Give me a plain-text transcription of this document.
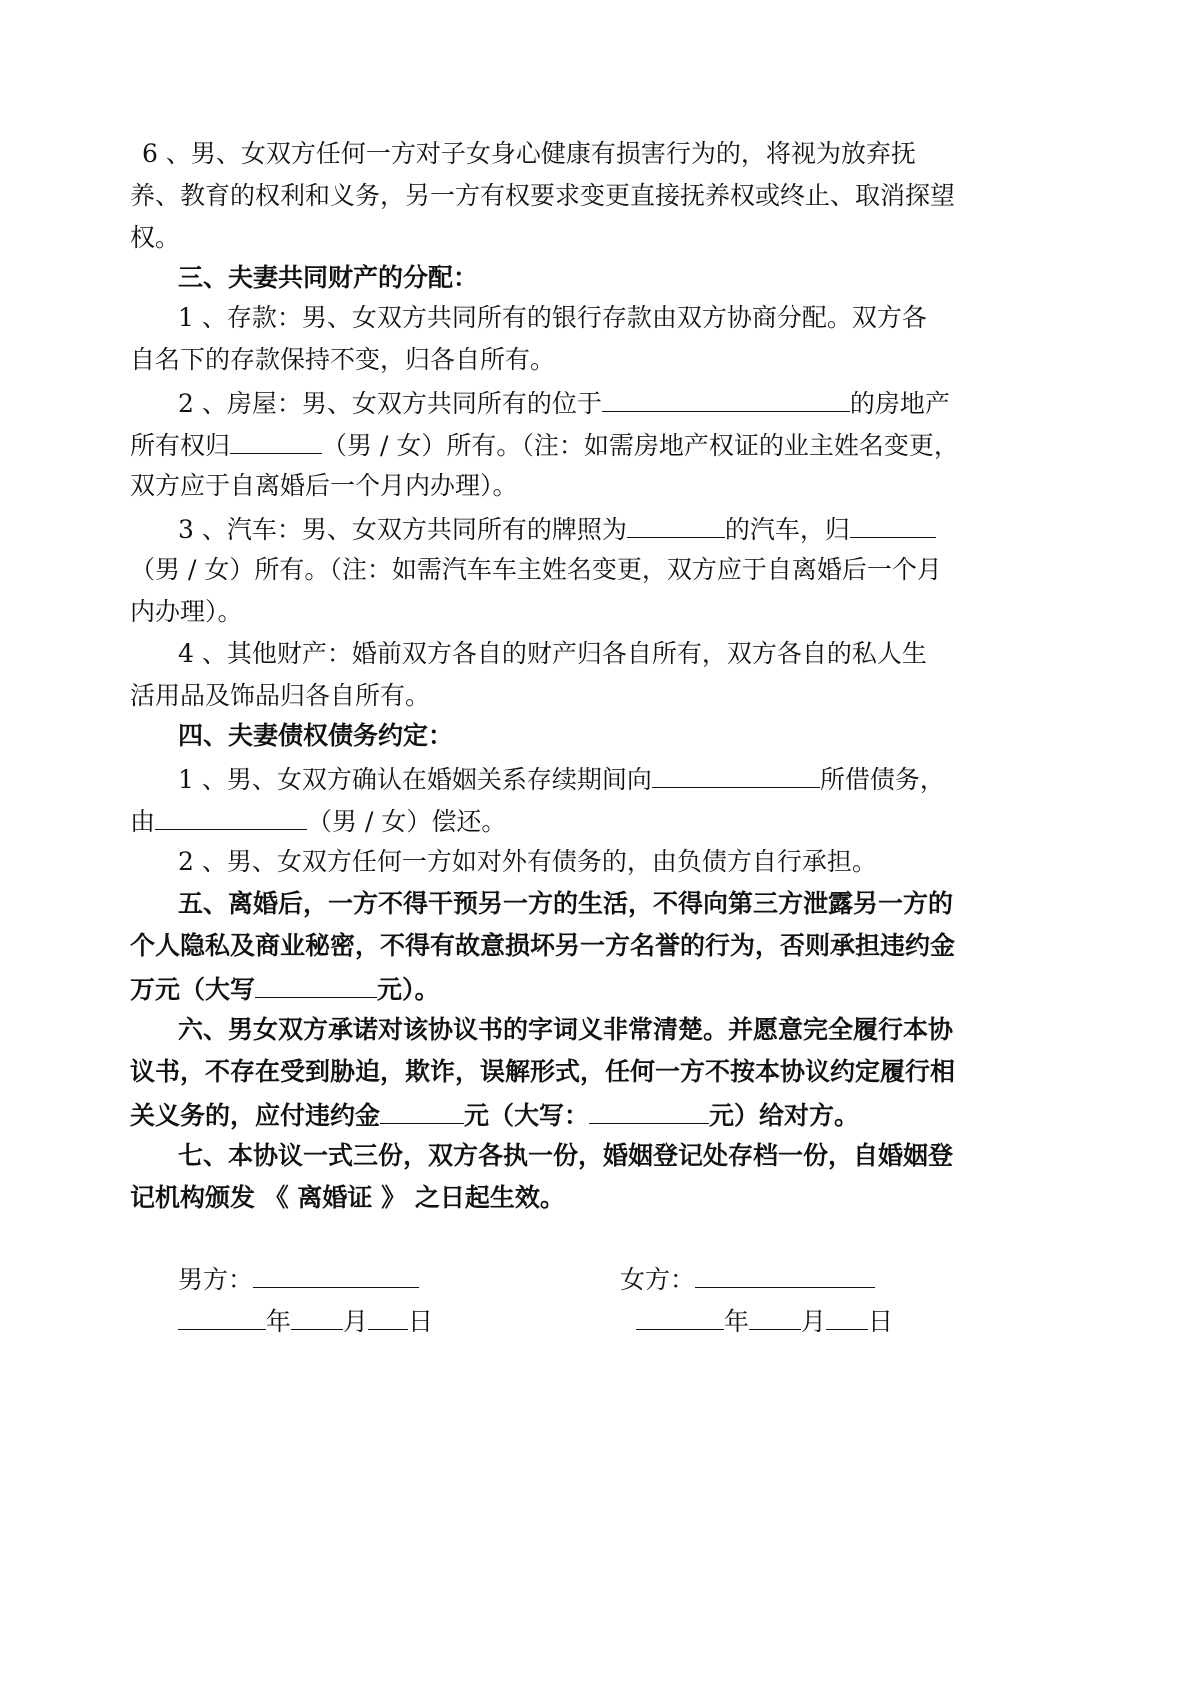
6 、男、女双方任何一方对子女身心健康有损害行为的，将视为放弃抚
养、教育的权利和义务，另一方有权要求变更直接抚养权或终止、取消探望
权。
三、夫妻共同财产的分配：
1 、存款：男、女双方共同所有的银行存款由双方协商分配。双方各
自名下的存款保持不变，归各自所有。
2 、房屋：男、女双方共同所有的位于	的房地产
所有权归	（男 / 女）所有。（注：如需房地产权证的业主姓名变更，
双方应于自离婚后一个月内办理）。
3 、汽车：男、女双方共同所有的牌照为	的汽车，归
（男 / 女）所有。（注：如需汽车车主姓名变更，双方应于自离婚后一个月
内办理）。
4 、其他财产：婚前双方各自的财产归各自所有，双方各自的私人生
活用品及饰品归各自所有。
四、夫妻债权债务约定：
1 、男、女双方确认在婚姻关系存续期间向	所借债务，
由	（男 / 女）偿还。
2 、男、女双方任何一方如对外有债务的，由负债方自行承担。
五、离婚后，一方不得干预另一方的生活，不得向第三方泄露另一方的
个人隐私及商业秘密，不得有故意损坏另一方名誉的行为，否则承担违约金
万元（大写	元）。
六、男女双方承诺对该协议书的字词义非常清楚。并愿意完全履行本协
议书，不存在受到胁迫，欺诈，误解形式，任何一方不按本协议约定履行相
关义务的，应付违约金	元（大写：	元）给对方。
七、本协议一式三份，双方各执一份，婚姻登记处存档一份，自婚姻登
记机构颁发 《 离婚证 》 之日起生效。
男方：	女方：
年 月 日	年 月 日
